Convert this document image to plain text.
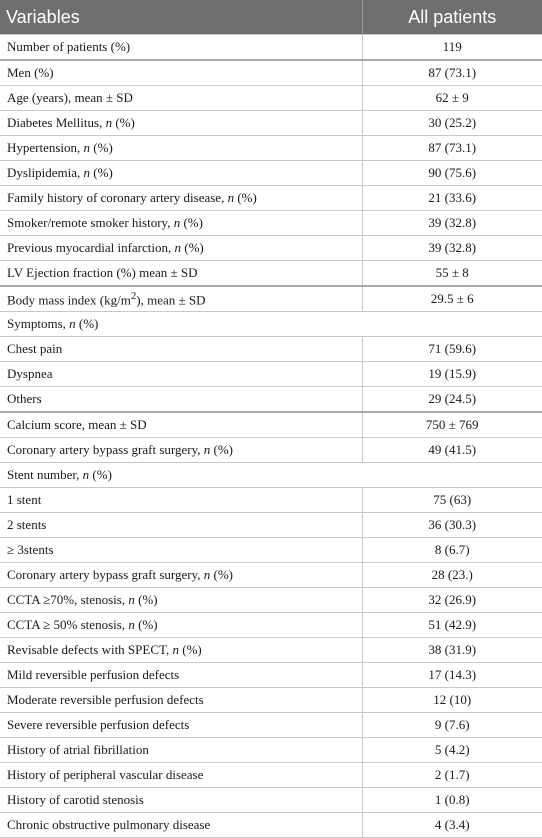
Variables	All patients
Number of patients (%)	119
Men (%)	87 (73.1)
Age (years), mean ± SD	62 ± 9
Diabetes Mellitus, n (%)	30 (25.2)
Hypertension, n (%)	87 (73.1)
Dyslipidemia, n (%)	90 (75.6)
Family history of coronary artery disease, n (%)	21 (33.6)
Smoker/remote smoker history, n (%)	39 (32.8)
Previous myocardial infarction, n (%)	39 (32.8)
LV Ejection fraction (%) mean ± SD	55 ± 8
Body mass index $(kg/m^2)$, mean ± SD	29.5 ± 6
Symptoms, n (%)	
Chest pain	71 (59.6)
Dyspnea	19 (15.9)
Others	29 (24.5)
Calcium score, mean ± SD	750 ± 769
Coronary artery bypass graft surgery, n (%)	49 (41.5)
Stent number, n (%)	
1 stent	75 (63)
2 stents	36 (30.3)
≥ 3stents	8 (6.7)
Coronary artery bypass graft surgery, n (%)	28 (23.)
CCTA ≥70%, stenosis, n (%)	32 (26.9)
CCTA ≥ 50% stenosis, n (%)	51 (42.9)
Revisable defects with SPECT, n (%)	38 (31.9)
Mild reversible perfusion defects	17 (14.3)
Moderate reversible perfusion defects	12 (10)
Severe reversible perfusion defects	9 (7.6)
History of atrial fibrillation	5 (4.2)
History of peripheral vascular disease	2 (1.7)
History of carotid stenosis	1 (0.8)
Chronic obstructive pulmonary disease	4 (3.4)
